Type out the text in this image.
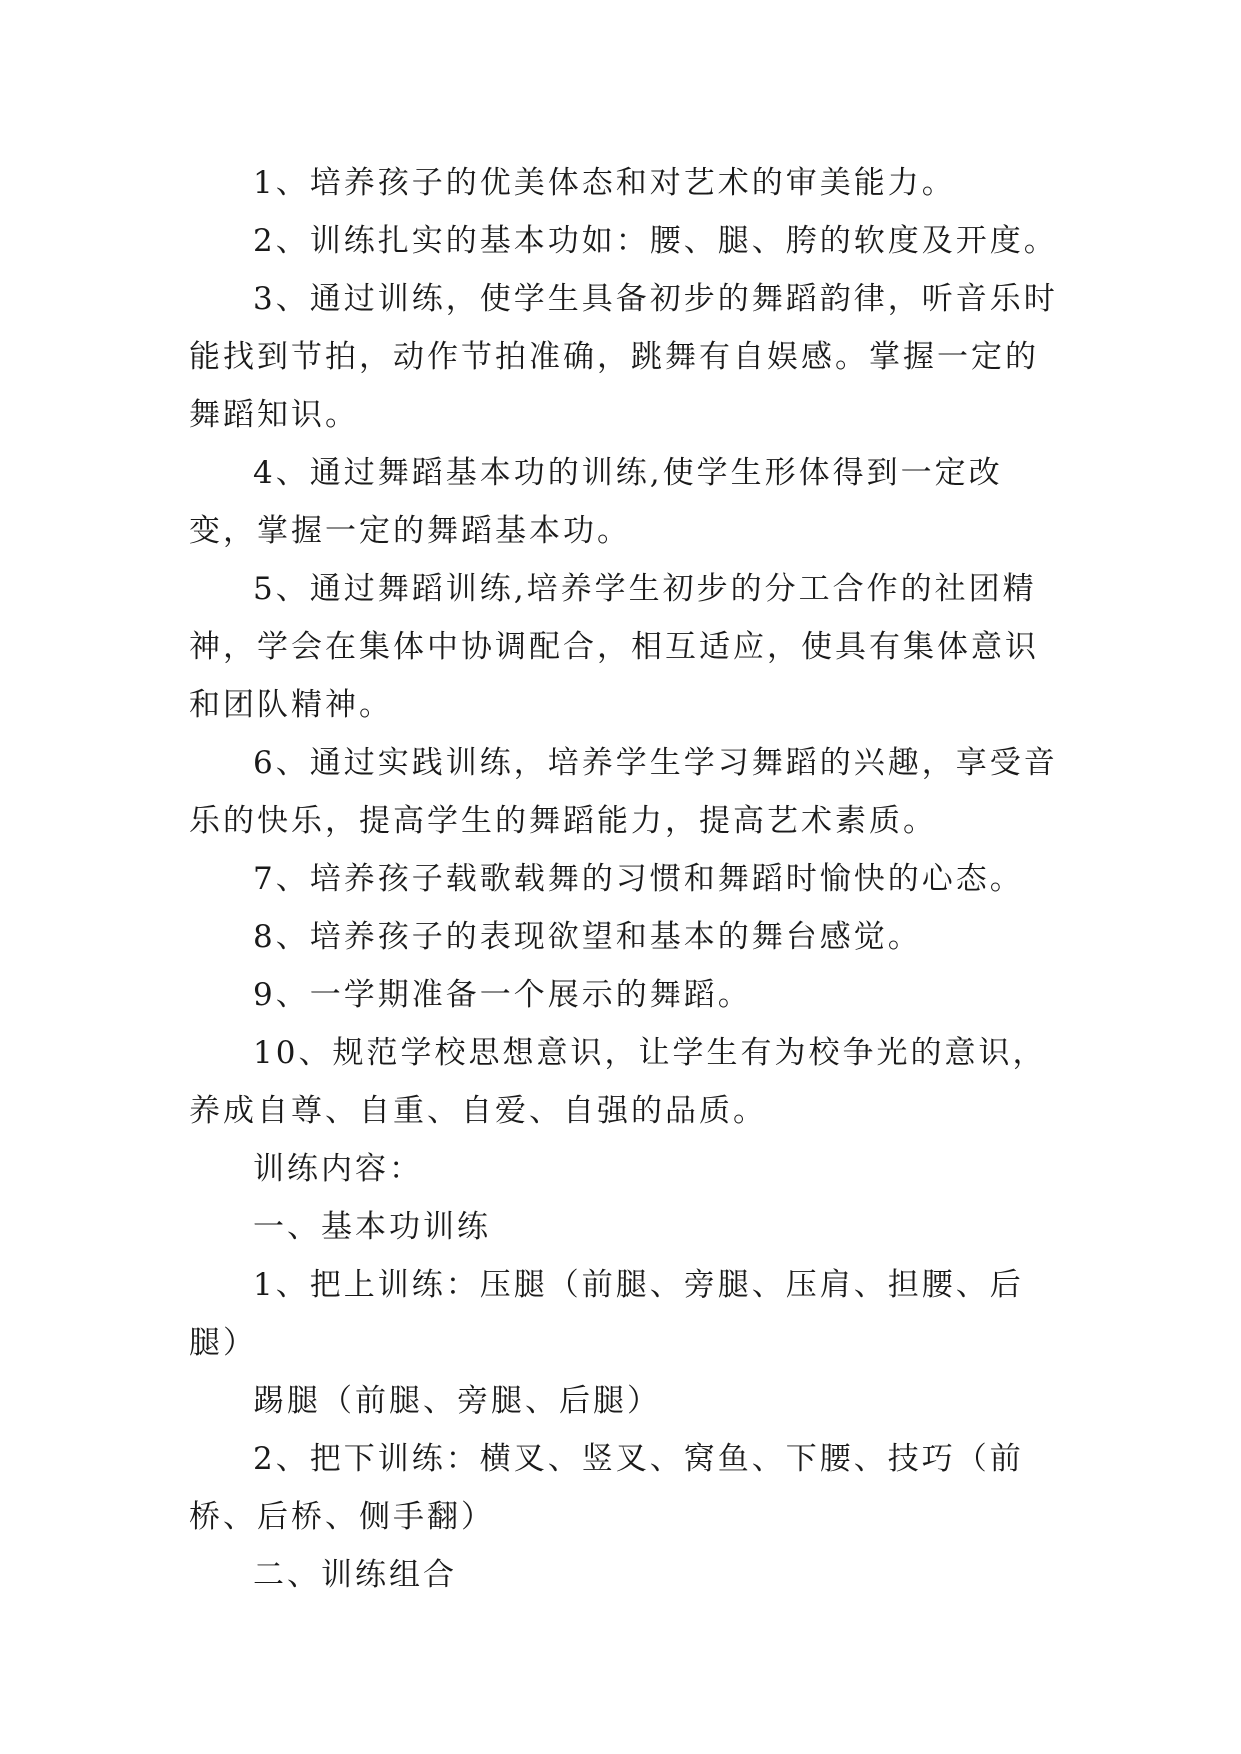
1、培养孩子的优美体态和对艺术的审美能力。

2、训练扎实的基本功如：腰、腿、胯的软度及开度。

3、通过训练，使学生具备初步的舞蹈韵律，听音乐时能找到节拍，动作节拍准确，跳舞有自娱感。掌握一定的舞蹈知识。

4、通过舞蹈基本功的训练,使学生形体得到一定改变，掌握一定的舞蹈基本功。

5、通过舞蹈训练,培养学生初步的分工合作的社团精神，学会在集体中协调配合，相互适应，使具有集体意识和团队精神。

6、通过实践训练，培养学生学习舞蹈的兴趣，享受音乐的快乐，提高学生的舞蹈能力，提高艺术素质。

7、培养孩子载歌载舞的习惯和舞蹈时愉快的心态。

8、培养孩子的表现欲望和基本的舞台感觉。

9、一学期准备一个展示的舞蹈。

10、规范学校思想意识，让学生有为校争光的意识，养成自尊、自重、自爱、自强的品质。

训练内容：

一、基本功训练

1、把上训练：压腿（前腿、旁腿、压肩、担腰、后腿）

踢腿（前腿、旁腿、后腿）

2、把下训练：横叉、竖叉、窝鱼、下腰、技巧（前桥、后桥、侧手翻）

二、训练组合
